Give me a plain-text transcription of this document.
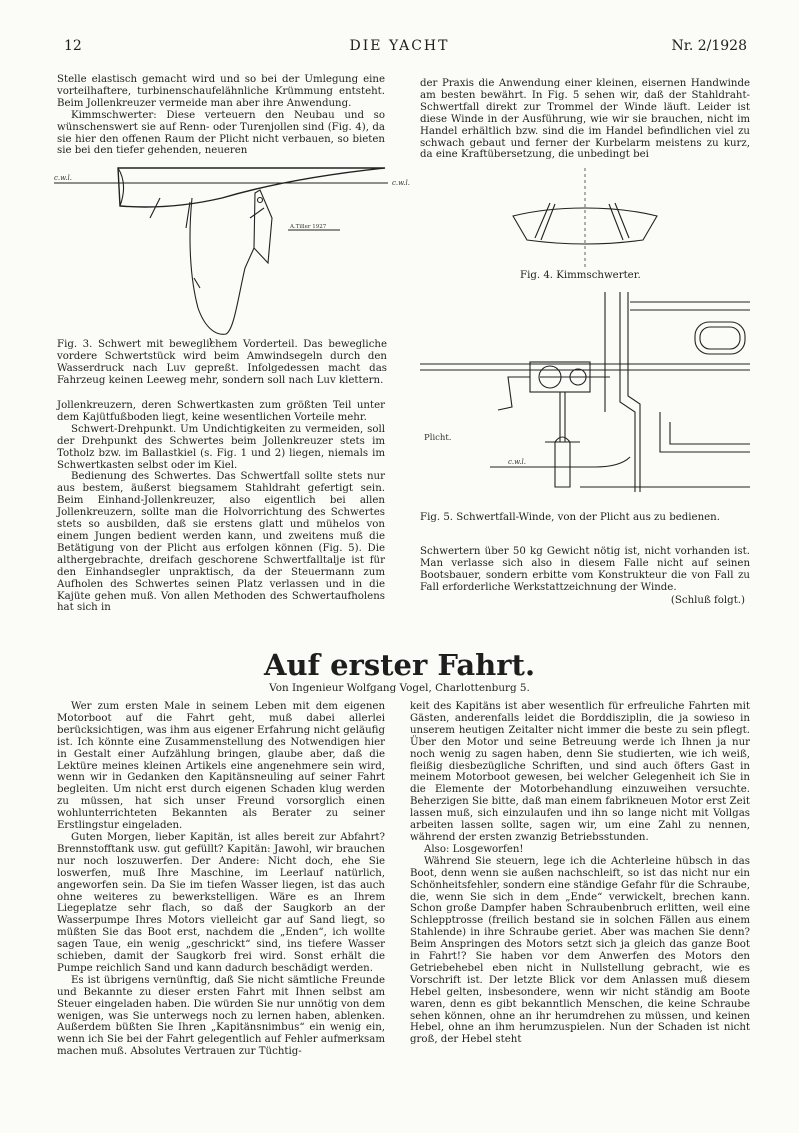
12	DIE YACHT	Nr. 2/1928

Stelle elastisch gemacht wird und so bei der Umlegung eine vorteilhaftere, turbinenschaufelähnliche Krümmung entsteht. Beim Jollenkreuzer vermeide man aber ihre Anwendung.

Kimmschwerter: Diese verteuern den Neubau und so wünschenswert sie auf Renn- oder Turenjollen sind (Fig. 4), da sie hier den offenen Raum der Plicht nicht verbauen, so bieten sie bei den tiefer gehenden, neueren

der Praxis die Anwendung einer kleinen, eisernen Handwinde am besten bewährt. In Fig. 5 sehen wir, daß der Stahldraht-Schwertfall direkt zur Trommel der Winde läuft. Leider ist diese Winde in der Ausführung, wie wir sie brauchen, nicht im Handel erhältlich bzw. sind die im Handel befindlichen viel zu schwach gebaut und ferner der Kurbelarm meistens zu kurz, da eine Kraftübersetzung, die unbedingt bei

c.w.l.
c.w.l.
A.Tiller 1927
Fig. 3. Schwert mit beweglichem Vorderteil. Das bewegliche vordere Schwertstück wird beim Amwindsegeln durch den Wasserdruck nach Luv gepreßt. Infolgedessen macht das Fahrzeug keinen Leeweg mehr, sondern soll nach Luv klettern.
Fig. 4. Kimmschwerter.
Plicht.
c.w.l.
Fig. 5. Schwertfall-Winde, von der Plicht aus zu bedienen.

Jollenkreuzern, deren Schwertkasten zum größten Teil unter dem Kajütfußboden liegt, keine wesentlichen Vorteile mehr.

Schwert-Drehpunkt. Um Undichtigkeiten zu vermeiden, soll der Drehpunkt des Schwertes beim Jollenkreuzer stets im Totholz bzw. im Ballastkiel (s. Fig. 1 und 2) liegen, niemals im Schwertkasten selbst oder im Kiel.

Bedienung des Schwertes. Das Schwertfall sollte stets nur aus bestem, äußerst biegsamem Stahldraht gefertigt sein. Beim Einhand-Jollenkreuzer, also eigentlich bei allen Jollenkreuzern, sollte man die Holvorrichtung des Schwertes stets so ausbilden, daß sie erstens glatt und mühelos von einem Jungen bedient werden kann, und zweitens muß die Betätigung von der Plicht aus erfolgen können (Fig. 5). Die althergebrachte, dreifach geschorene Schwertfalltalje ist für den Einhandsegler unpraktisch, da der Steuermann zum Aufholen des Schwertes seinen Platz verlassen und in die Kajüte gehen muß. Von allen Methoden des Schwertaufholens hat sich in

Schwertern über 50 kg Gewicht nötig ist, nicht vorhanden ist. Man verlasse sich also in diesem Falle nicht auf seinen Bootsbauer, sondern erbitte vom Konstrukteur die von Fall zu Fall erforderliche Werkstattzeichnung der Winde.

(Schluß folgt.)
Auf erster Fahrt.
Von Ingenieur Wolfgang Vogel, Charlottenburg 5.

Wer zum ersten Male in seinem Leben mit dem eigenen Motorboot auf die Fahrt geht, muß dabei allerlei berücksichtigen, was ihm aus eigener Erfahrung nicht geläufig ist. Ich könnte eine Zusammenstellung des Notwendigen hier in Gestalt einer Aufzählung bringen, glaube aber, daß die Lektüre meines kleinen Artikels eine angenehmere sein wird, wenn wir in Gedanken den Kapitänsneuling auf seiner Fahrt begleiten. Um nicht erst durch eigenen Schaden klug werden zu müssen, hat sich unser Freund vorsorglich einen wohlunterrichteten Bekannten als Berater zu seiner Erstlingstur eingeladen.

Guten Morgen, lieber Kapitän, ist alles bereit zur Abfahrt? Brennstofftank usw. gut gefüllt? Kapitän: Jawohl, wir brauchen nur noch loszuwerfen. Der Andere: Nicht doch, ehe Sie loswerfen, muß Ihre Maschine, im Leerlauf natürlich, angeworfen sein. Da Sie im tiefen Wasser liegen, ist das auch ohne weiteres zu bewerkstelligen. Wäre es an Ihrem Liegeplatze sehr flach, so daß der Saugkorb an der Wasserpumpe Ihres Motors vielleicht gar auf Sand liegt, so müßten Sie das Boot erst, nachdem die „Enden“, ich wollte sagen Taue, ein wenig „geschrickt“ sind, ins tiefere Wasser schieben, damit der Saugkorb frei wird. Sonst erhält die Pumpe reichlich Sand und kann dadurch beschädigt werden.

Es ist übrigens vernünftig, daß Sie nicht sämtliche Freunde und Bekannte zu dieser ersten Fahrt mit Ihnen selbst am Steuer eingeladen haben. Die würden Sie nur unnötig von dem wenigen, was Sie unterwegs noch zu lernen haben, ablenken. Außerdem büßten Sie Ihren „Kapitänsnimbus“ ein wenig ein, wenn ich Sie bei der Fahrt gelegentlich auf Fehler aufmerksam machen muß. Absolutes Vertrauen zur Tüchtig-

keit des Kapitäns ist aber wesentlich für erfreuliche Fahrten mit Gästen, anderenfalls leidet die Borddisziplin, die ja sowieso in unserem heutigen Zeitalter nicht immer die beste zu sein pflegt. Über den Motor und seine Betreuung werde ich Ihnen ja nur noch wenig zu sagen haben, denn Sie studierten, wie ich weiß, fleißig diesbezügliche Schriften, und sind auch öfters Gast in meinem Motorboot gewesen, bei welcher Gelegenheit ich Sie in die Elemente der Motorbehandlung einzuweihen versuchte. Beherzigen Sie bitte, daß man einem fabrikneuen Motor erst Zeit lassen muß, sich einzulaufen und ihn so lange nicht mit Vollgas arbeiten lassen sollte, sagen wir, um eine Zahl zu nennen, während der ersten zwanzig Betriebsstunden.

Also: Losgeworfen!

Während Sie steuern, lege ich die Achterleine hübsch in das Boot, denn wenn sie außen nachschleift, so ist das nicht nur ein Schönheitsfehler, sondern eine ständige Gefahr für die Schraube, die, wenn Sie sich in dem „Ende“ verwickelt, brechen kann. Schon große Dampfer haben Schraubenbruch erlitten, weil eine Schlepptrosse (freilich bestand sie in solchen Fällen aus einem Stahlende) in ihre Schraube geriet. Aber was machen Sie denn? Beim Anspringen des Motors setzt sich ja gleich das ganze Boot in Fahrt!? Sie haben vor dem Anwerfen des Motors den Getriebehebel eben nicht in Nullstellung gebracht, wie es Vorschrift ist. Der letzte Blick vor dem Anlassen muß diesem Hebel gelten, insbesondere, wenn wir nicht ständig am Boote waren, denn es gibt bekanntlich Menschen, die keine Schraube sehen können, ohne an ihr herumdrehen zu müssen, und keinen Hebel, ohne an ihm herumzuspielen. Nun der Schaden ist nicht groß, der Hebel steht
